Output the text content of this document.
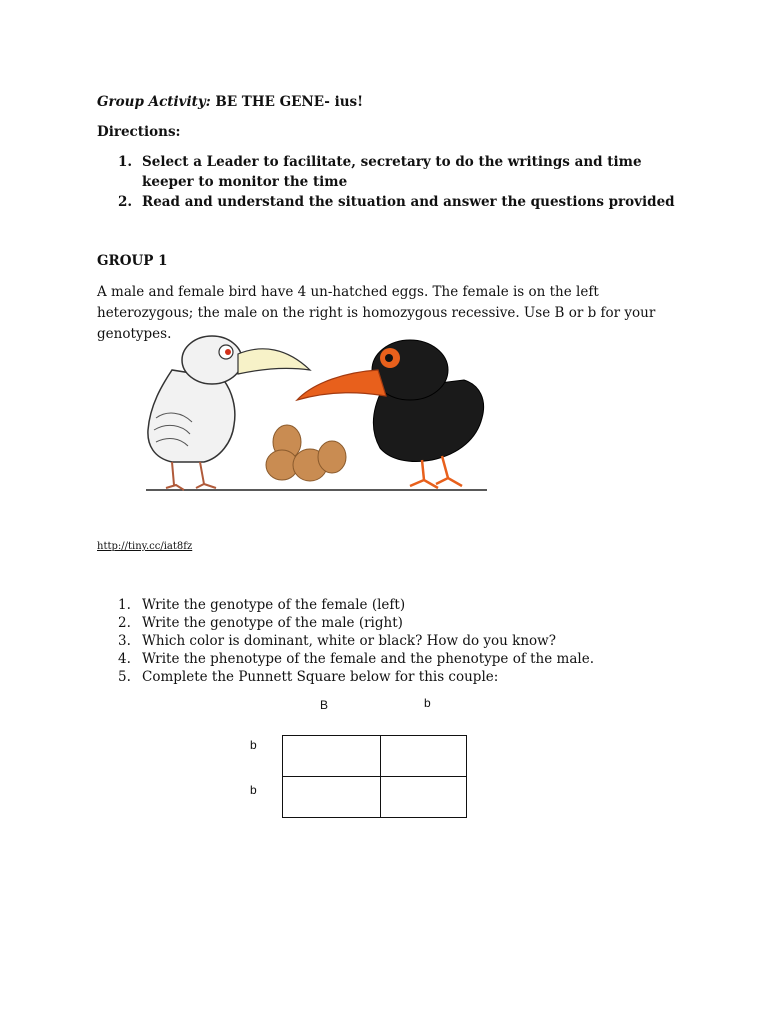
Group Activity: BE THE GENE- ius!
Directions:
1. Select a Leader to facilitate, secretary to do the writings and time keeper to monitor the time
2. Read and understand the situation and answer the questions provided
GROUP 1
A male and female bird have 4 un-hatched eggs. The female is on the left heterozygous; the male on the right is homozygous recessive. Use B or b for your genotypes.
http://tiny.cc/iat8fz
1. Write the genotype of the female (left)
2. Write the genotype of the male (right)
3. Which color is dominant, white or black? How do you know?
4. Write the phenotype of the female and the phenotype of the male.
5. Complete the Punnett Square below for this couple:
B	b
b
b
